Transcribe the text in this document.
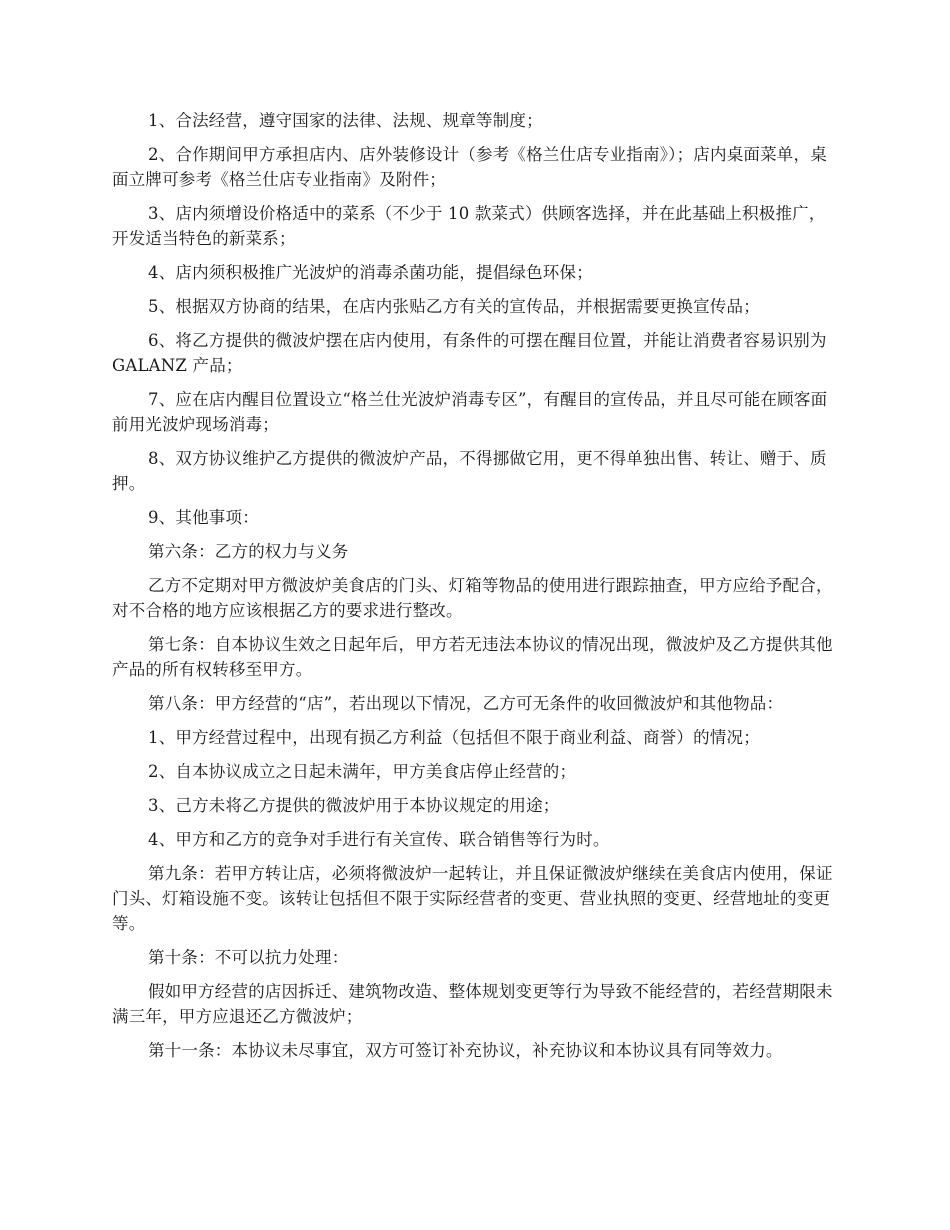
1、合法经营，遵守国家的法律、法规、规章等制度；

2、合作期间甲方承担店内、店外装修设计（参考《格兰仕店专业指南》）；店内桌面菜单，桌面立牌可参考《格兰仕店专业指南》及附件；

3、店内须增设价格适中的菜系（不少于 10 款菜式）供顾客选择，并在此基础上积极推广，开发适当特色的新菜系；

4、店内须积极推广光波炉的消毒杀菌功能，提倡绿色环保；

5、根据双方协商的结果，在店内张贴乙方有关的宣传品，并根据需要更换宣传品；

6、将乙方提供的微波炉摆在店内使用，有条件的可摆在醒目位置，并能让消费者容易识别为 GALANZ 产品；

7、应在店内醒目位置设立“格兰仕光波炉消毒专区”，有醒目的宣传品，并且尽可能在顾客面前用光波炉现场消毒；

8、双方协议维护乙方提供的微波炉产品，不得挪做它用，更不得单独出售、转让、赠于、质押。

9、其他事项：

第六条：乙方的权力与义务

乙方不定期对甲方微波炉美食店的门头、灯箱等物品的使用进行跟踪抽查，甲方应给予配合，对不合格的地方应该根据乙方的要求进行整改。

第七条：自本协议生效之日起年后，甲方若无违法本协议的情况出现，微波炉及乙方提供其他产品的所有权转移至甲方。

第八条：甲方经营的“店”，若出现以下情况，乙方可无条件的收回微波炉和其他物品：

1、甲方经营过程中，出现有损乙方利益（包括但不限于商业利益、商誉）的情况；

2、自本协议成立之日起未满年，甲方美食店停止经营的；

3、己方未将乙方提供的微波炉用于本协议规定的用途；

4、甲方和乙方的竞争对手进行有关宣传、联合销售等行为时。

第九条：若甲方转让店，必须将微波炉一起转让，并且保证微波炉继续在美食店内使用，保证门头、灯箱设施不变。该转让包括但不限于实际经营者的变更、营业执照的变更、经营地址的变更等。

第十条：不可以抗力处理：

假如甲方经营的店因拆迁、建筑物改造、整体规划变更等行为导致不能经营的，若经营期限未满三年，甲方应退还乙方微波炉；

第十一条：本协议未尽事宜，双方可签订补充协议，补充协议和本协议具有同等效力。
